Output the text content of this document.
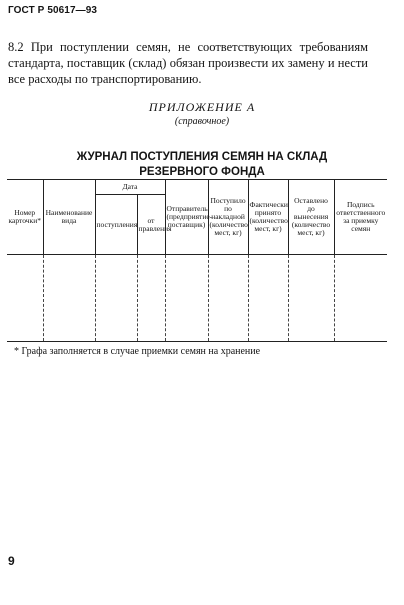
ГОСТ Р 50617—93
8.2 При поступлении семян, не соответствующих требованиям стандарта, поставщик (склад) обязан произвести их замену и нести все расходы по транспортированию.
ПРИЛОЖЕНИЕ А
(справочное)
ЖУРНАЛ ПОСТУПЛЕНИЯ СЕМЯН НА СКЛАД
РЕЗЕРВНОГО ФОНДА
Номер карточки*	Наименование вида	Дата		Отправитель (предприятие-поставщик)	Поступило по накладной (количество мест, кг)	Фактически принято (количество мест, кг)	Оставлено до вынесения (количество мест, кг)	Подпись ответственного за приемку семян
		поступления	от правления					

* Графа заполняется в случае приемки семян на хранение
9
